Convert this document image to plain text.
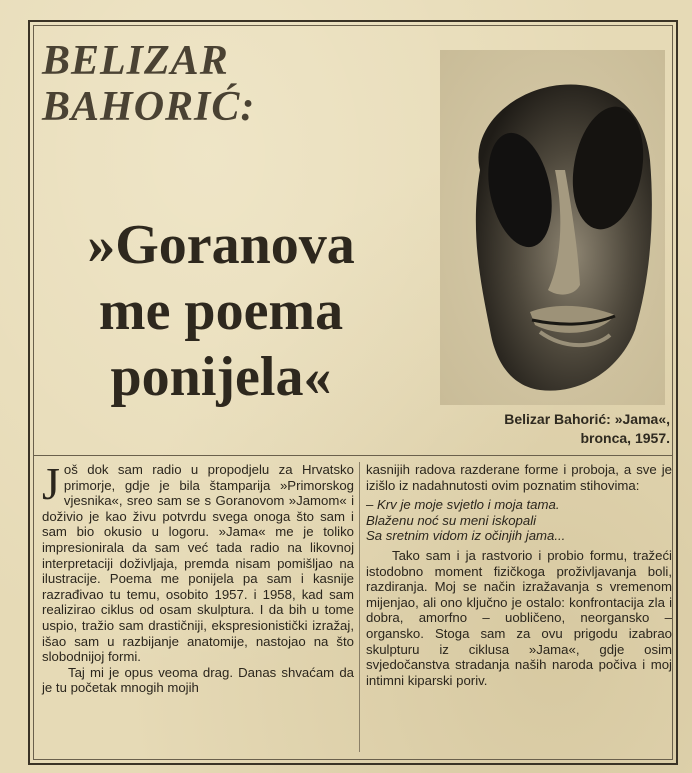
BELIZAR
BAHORIĆ:
»Goranova
me poema
ponijela«
Belizar Bahorić: »Jama«,
bronca, 1957.

Još dok sam radio u propodjelu za Hrvatsko primorje, gdje je bila štamparija »Primorskog vjesnika«, sreo sam se s Goranovom »Jamom« i doživio je kao živu potvrdu svega onoga što sam i sam bio okusio u logoru. »Jama« me je toliko impresionirala da sam već tada radio na likovnoj interpretaciji doživljaja, premda nisam pomišljao na ilustracije. Poema me ponijela pa sam i kasnije razrađivao tu temu, osobito 1957. i 1958, kad sam realizirao ciklus od osam skulptura. I da bih u tome uspio, tražio sam drastičniji, ekspresionistički izražaj, išao sam u razbijanje anatomije, nastojao na što slobodnijoj formi.

Taj mi je opus veoma drag. Danas shvaćam da je tu početak mnogih mojih

kasnijih radova razderane forme i proboja, a sve je izišlo iz nadahnutosti ovim poznatim stihovima:

– Krv je moje svjetlo i moja tama.
Blaženu noć su meni iskopali
Sa sretnim vidom iz očinjih jama...

Tako sam i ja rastvorio i probio formu, tražeći istodobno moment fizičkoga proživljavanja boli, razdiranja. Moj se način izražavanja s vremenom mijenjao, ali ono ključno je ostalo: konfrontacija zla i dobra, amorfno – uobličeno, neorgansko – organsko. Stoga sam za ovu prigodu izabrao skulpturu iz ciklusa »Jama«, gdje osim svjedočanstva stradanja naših naroda počiva i moj intimni kiparski poriv.
